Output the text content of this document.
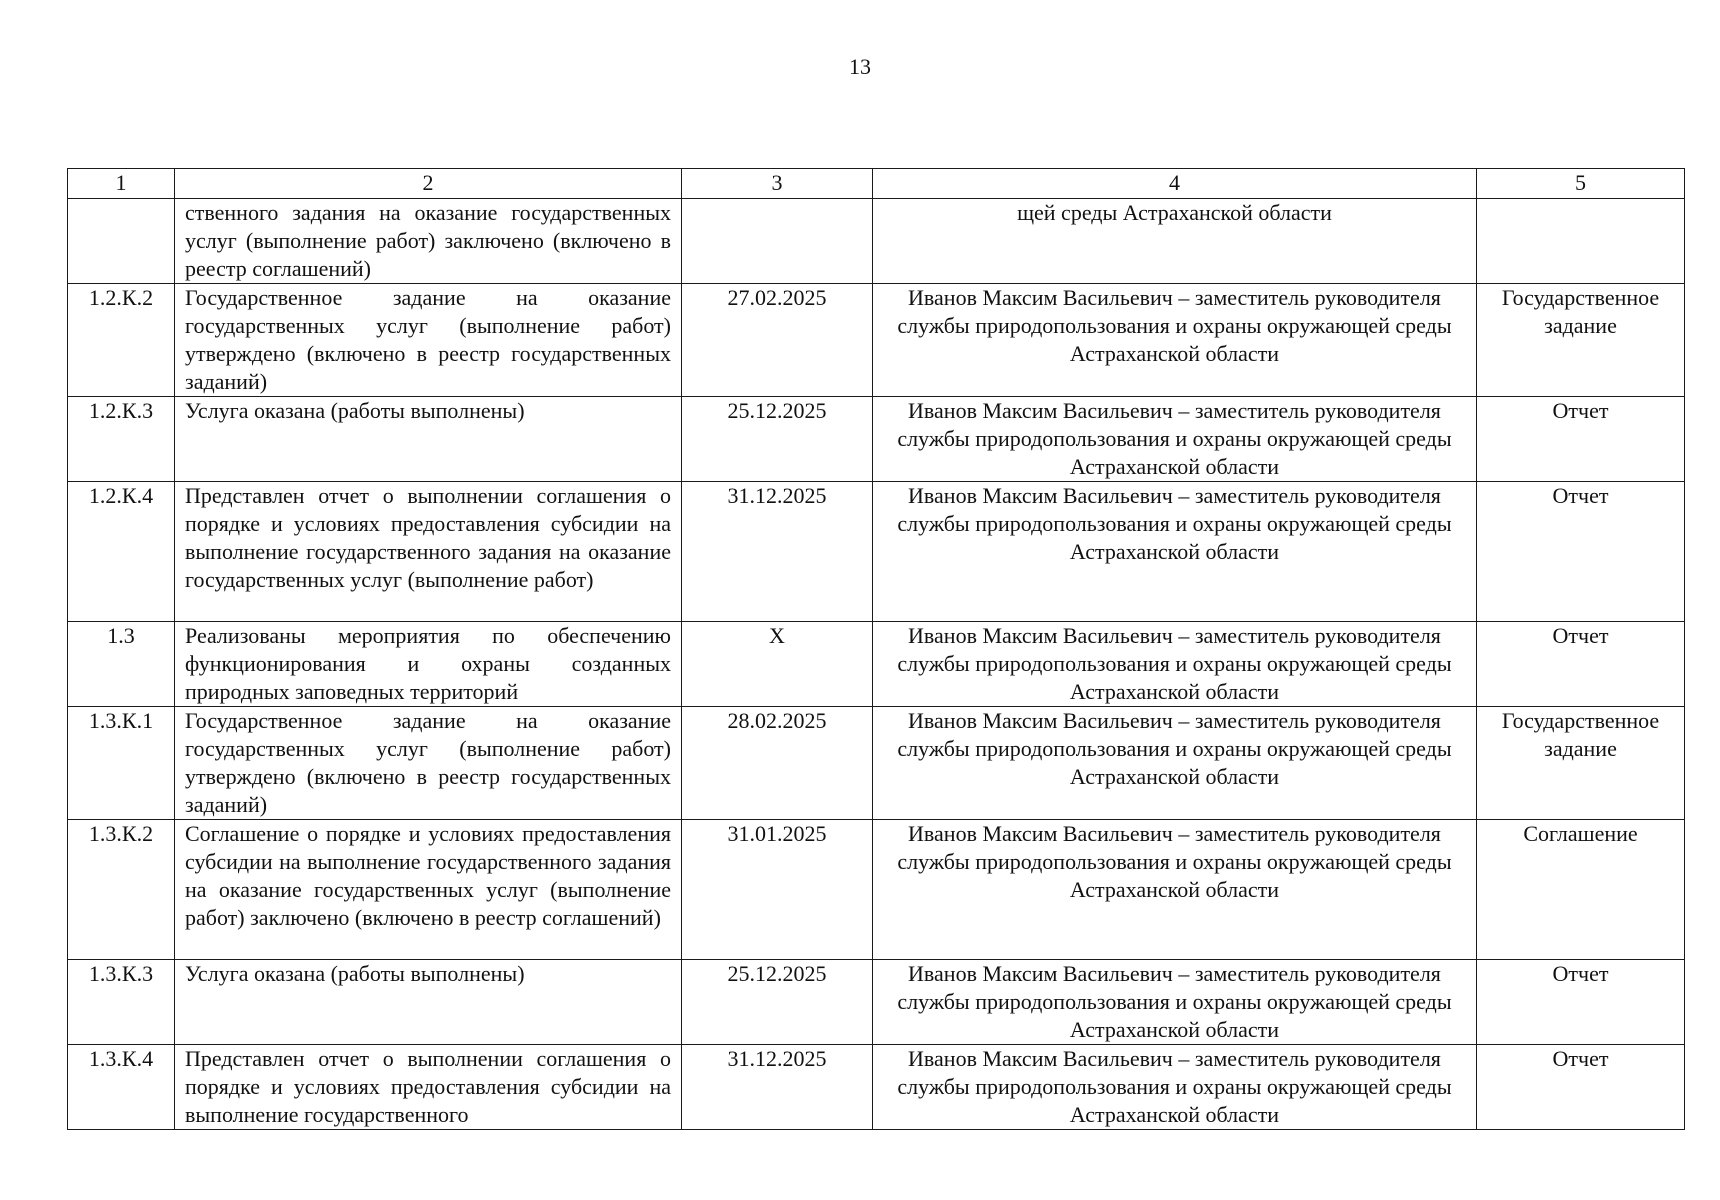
13
1	2	3	4	5
	ственного задания на оказание государственных услуг (выполнение работ) заключено (включено в реестр соглашений)		щей среды Астраханской области	
1.2.К.2	Государственное задание на оказание государственных услуг (выполнение работ) утверждено (включено в реестр государственных заданий)	27.02.2025	Иванов Максим Васильевич – заместитель руководителя службы природопользования и охраны окружающей среды Астраханской области	Государственное задание
1.2.К.3	Услуга оказана (работы выполнены)	25.12.2025	Иванов Максим Васильевич – заместитель руководителя службы природопользования и охраны окружающей среды Астраханской области	Отчет
1.2.К.4	Представлен отчет о выполнении соглашения о порядке и условиях предоставления субсидии на выполнение государственного задания на оказание государственных услуг (выполнение работ)	31.12.2025	Иванов Максим Васильевич – заместитель руководителя службы природопользования и охраны окружающей среды Астраханской области	Отчет
1.3	Реализованы мероприятия по обеспечению функционирования и охраны созданных природных заповедных территорий	Х	Иванов Максим Васильевич – заместитель руководителя службы природопользования и охраны окружающей среды Астраханской области	Отчет
1.3.К.1	Государственное задание на оказание государственных услуг (выполнение работ) утверждено (включено в реестр государственных заданий)	28.02.2025	Иванов Максим Васильевич – заместитель руководителя службы природопользования и охраны окружающей среды Астраханской области	Государственное задание
1.3.К.2	Соглашение о порядке и условиях предоставления субсидии на выполнение государственного задания на оказание государственных услуг (выполнение работ) заключено (включено в реестр соглашений)	31.01.2025	Иванов Максим Васильевич – заместитель руководителя службы природопользования и охраны окружающей среды Астраханской области	Соглашение
1.3.К.3	Услуга оказана (работы выполнены)	25.12.2025	Иванов Максим Васильевич – заместитель руководителя службы природопользования и охраны окружающей среды Астраханской области	Отчет
1.3.К.4	Представлен отчет о выполнении соглашения о порядке и условиях предоставления субсидии на выполнение государственного	31.12.2025	Иванов Максим Васильевич – заместитель руководителя службы природопользования и охраны окружающей среды Астраханской области	Отчет
